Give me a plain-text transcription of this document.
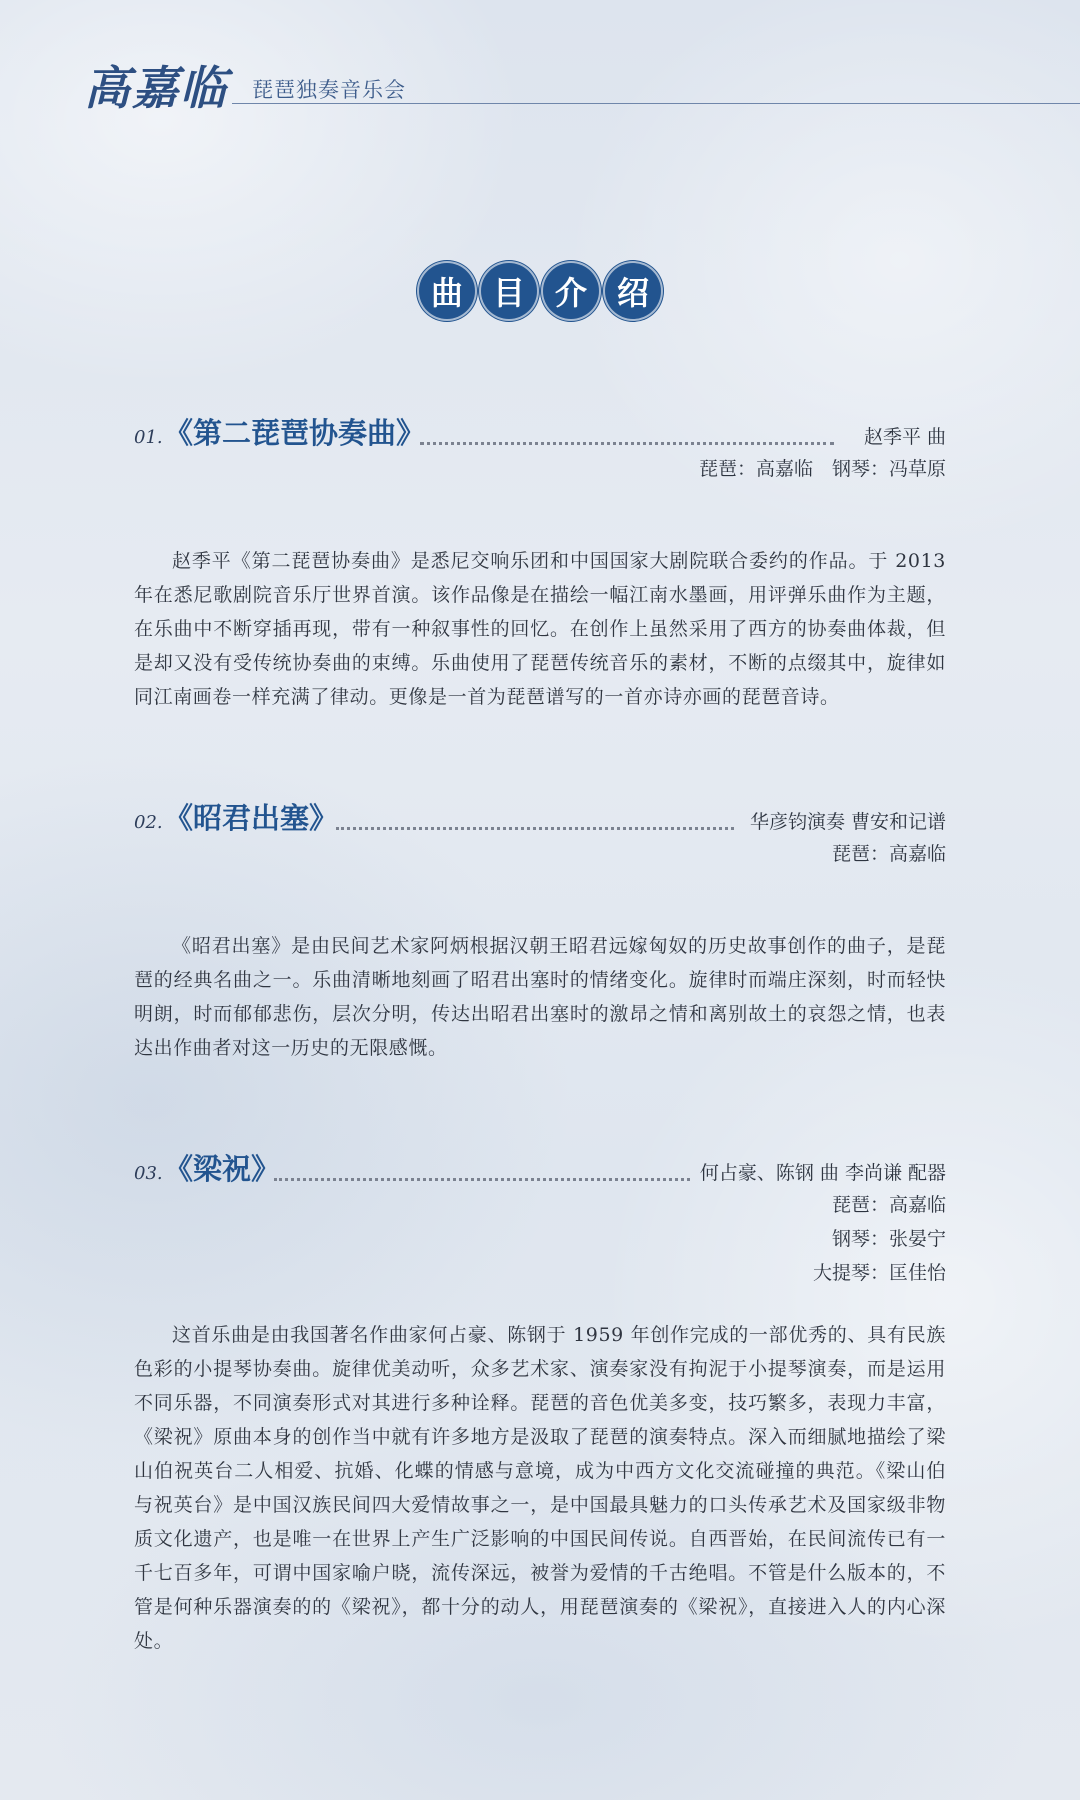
高嘉临 琵琶独奏音乐会
曲 目 介 绍
01. 《第二琵琶协奏曲》	赵季平 曲
琵琶：高嘉临　钢琴：冯草原

赵季平《第二琵琶协奏曲》是悉尼交响乐团和中国国家大剧院联合委约的作品。于 2013 年在悉尼歌剧院音乐厅世界首演。该作品像是在描绘一幅江南水墨画，用评弹乐曲作为主题，在乐曲中不断穿插再现，带有一种叙事性的回忆。在创作上虽然采用了西方的协奏曲体裁，但是却又没有受传统协奏曲的束缚。乐曲使用了琵琶传统音乐的素材，不断的点缀其中，旋律如同江南画卷一样充满了律动。更像是一首为琵琶谱写的一首亦诗亦画的琵琶音诗。

02. 《昭君出塞》	华彦钧演奏 曹安和记谱
琵琶：高嘉临

《昭君出塞》是由民间艺术家阿炳根据汉朝王昭君远嫁匈奴的历史故事创作的曲子，是琵琶的经典名曲之一。乐曲清晰地刻画了昭君出塞时的情绪变化。旋律时而端庄深刻，时而轻快明朗，时而郁郁悲伤，层次分明，传达出昭君出塞时的激昂之情和离别故土的哀怨之情，也表达出作曲者对这一历史的无限感慨。

03. 《梁祝》	何占豪、陈钢 曲 李尚谦 配器
琵琶：高嘉临
钢琴：张晏宁
大提琴：匡佳怡

这首乐曲是由我国著名作曲家何占豪、陈钢于 1959 年创作完成的一部优秀的、具有民族色彩的小提琴协奏曲。旋律优美动听，众多艺术家、演奏家没有拘泥于小提琴演奏，而是运用不同乐器，不同演奏形式对其进行多种诠释。琵琶的音色优美多变，技巧繁多，表现力丰富，《梁祝》原曲本身的创作当中就有许多地方是汲取了琵琶的演奏特点。深入而细腻地描绘了梁山伯祝英台二人相爱、抗婚、化蝶的情感与意境，成为中西方文化交流碰撞的典范。《梁山伯与祝英台》是中国汉族民间四大爱情故事之一，是中国最具魅力的口头传承艺术及国家级非物质文化遗产，也是唯一在世界上产生广泛影响的中国民间传说。自西晋始，在民间流传已有一千七百多年，可谓中国家喻户晓，流传深远，被誉为爱情的千古绝唱。不管是什么版本的，不管是何种乐器演奏的的《梁祝》，都十分的动人，用琵琶演奏的《梁祝》，直接进入人的内心深处。
